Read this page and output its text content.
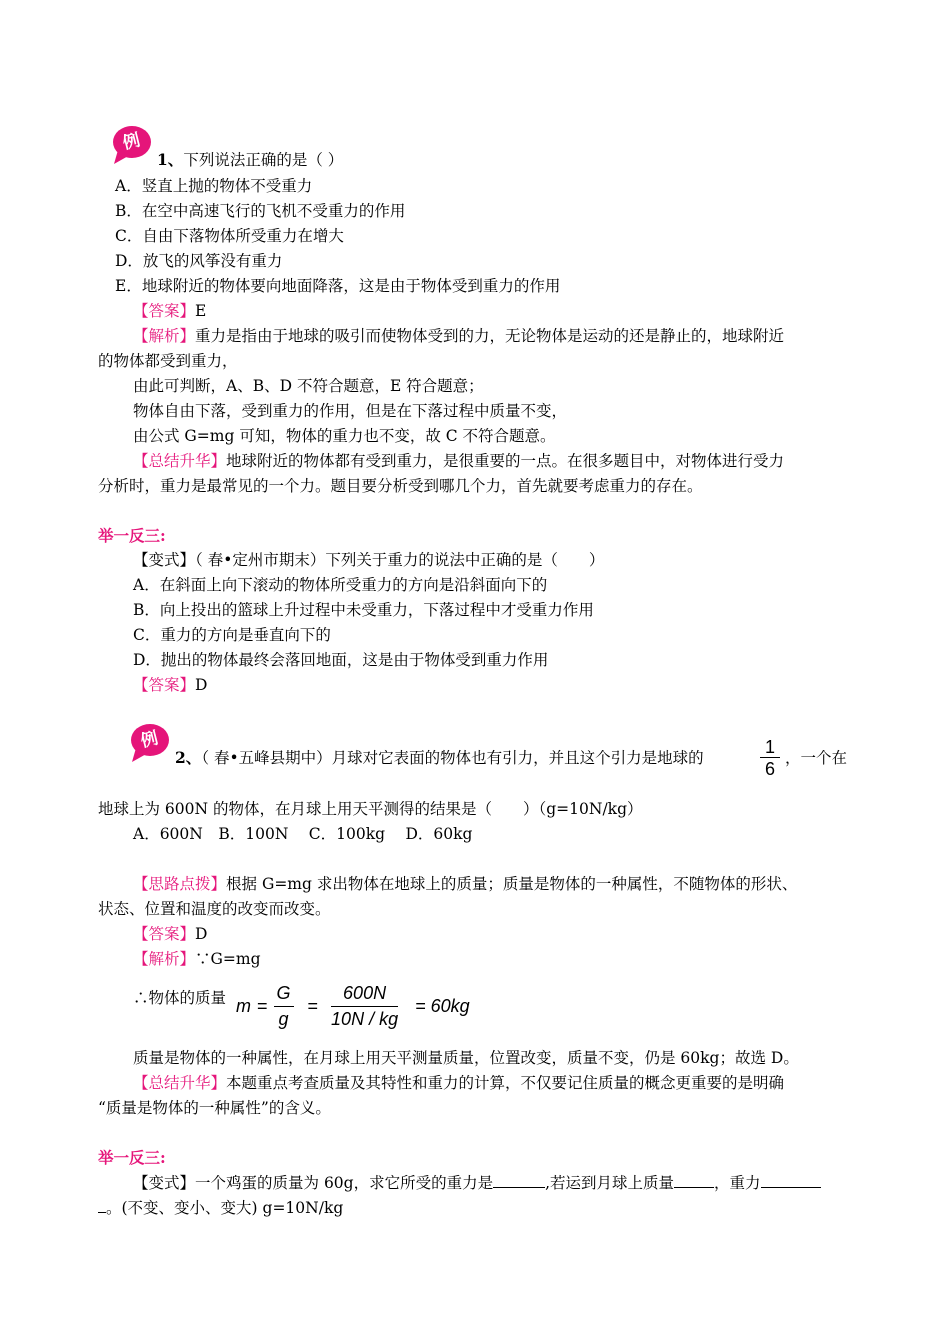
例
1、下列说法正确的是（ ）
A．竖直上抛的物体不受重力
B．在空中高速飞行的飞机不受重力的作用
C．自由下落物体所受重力在增大
D．放飞的风筝没有重力
E．地球附近的物体要向地面降落，这是由于物体受到重力的作用
【答案】E
【解析】重力是指由于地球的吸引而使物体受到的力，无论物体是运动的还是静止的，地球附近
的物体都受到重力，
由此可判断，A、B、D 不符合题意，E 符合题意；
物体自由下落，受到重力的作用，但是在下落过程中质量不变，
由公式 G=mg 可知，物体的重力也不变，故 C 不符合题意。
【总结升华】地球附近的物体都有受到重力，是很重要的一点。在很多题目中，对物体进行受力
分析时，重力是最常见的一个力。题目要分析受到哪几个力，首先就要考虑重力的存在。
举一反三:
【变式】（ 春•定州市期末）下列关于重力的说法中正确的是（　　）
A．在斜面上向下滚动的物体所受重力的方向是沿斜面向下的
B．向上投出的篮球上升过程中未受重力，下落过程中才受重力作用
C．重力的方向是垂直向下的
D．抛出的物体最终会落回地面，这是由于物体受到重力作用
【答案】D
例
2、（ 春•五峰县期中）月球对它表面的物体也有引力，并且这个引力是地球的	$\frac{1}{6}$ ，一个在
地球上为 600N 的物体，在月球上用天平测得的结果是（　　）（g=10N/kg）
A．600N　B．100N　 C．100kg　 D．60kg
【思路点拨】根据 G=mg 求出物体在地球上的质量；质量是物体的一种属性，不随物体的形状、
状态、位置和温度的改变而改变。
【答案】D
【解析】∵G=mg
∴物体的质量 $m = \frac{G}{g} = \frac{600N}{10N / kg} = 60kg$
质量是物体的一种属性，在月球上用天平测量质量，位置改变，质量不变，仍是 60kg；故选 D。
【总结升华】本题重点考查质量及其特性和重力的计算，不仅要记住质量的概念更重要的是明确
“质量是物体的一种属性”的含义。
举一反三:
【变式】一个鸡蛋的质量为 60g，求它所受的重力是	,若运到月球上质量	，重力
。(不变、变小、变大) g=10N/kg
